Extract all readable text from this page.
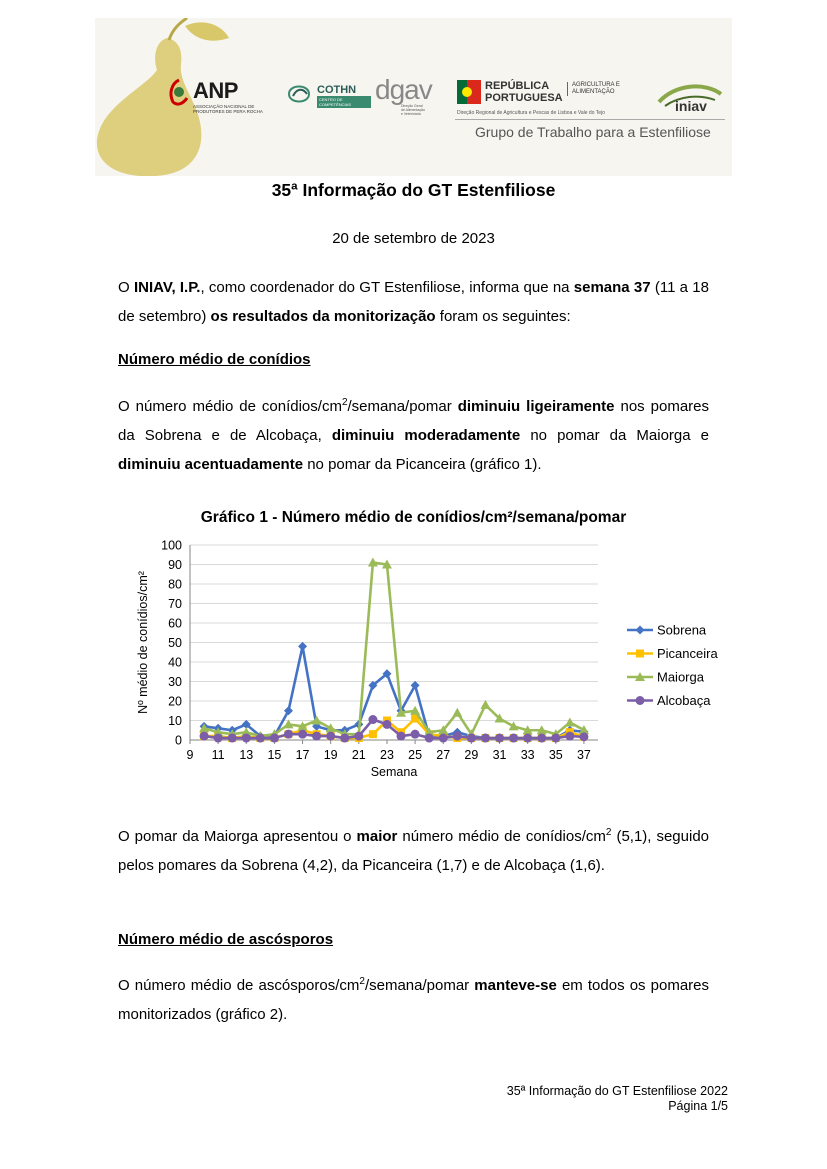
ANP
ASSOCIAÇÃO NACIONAL DE PRODUTORES DE PERA ROCHA
COTHN
CENTRO DE COMPETÊNCIAS dgav
Direção Geral de Alimentação e Veterinária
REPÚBLICA PORTUGUESA
AGRICULTURA E ALIMENTAÇÃO
Direção Regional de Agricultura e Pescas de Lisboa e Vale do Tejo	iniav
Grupo de Trabalho para a Estenfiliose
35ª Informação do GT Estenfiliose
20 de setembro de 2023
O INIAV, I.P., como coordenador do GT Estenfiliose, informa que na semana 37 (11 a 18 de setembro) os resultados da monitorização foram os seguintes:
Número médio de conídios
O número médio de conídios/$cm^2/semana$/pomar diminuiu ligeiramente nos pomares da Sobrena e de Alcobaça, diminuiu moderadamente no pomar da Maiorga e diminuiu acentuadamente no pomar da Picanceira (gráfico 1).
Gráfico 1 - Número médio de conídios/cm²/semana/pomar
0
10
20
30
40
50
60
70
80
90
100
9 11 13 15 17 19 21 23 25 27 29 31 33 35 37
Semana
Nº médio de conídios/cm²	Sobrena
Picanceira
Maiorga
Alcobaça
O pomar da Maiorga apresentou o maior número médio de conídios/$cm^2$ (5,1), seguido pelos pomares da Sobrena (4,2), da Picanceira (1,7) e de Alcobaça (1,6).
Número médio de ascósporos
O número médio de ascósporos/$cm^2/semana$/pomar manteve-se em todos os pomares monitorizados (gráfico 2).
35ª Informação do GT Estenfiliose 2022
Página 1/5
